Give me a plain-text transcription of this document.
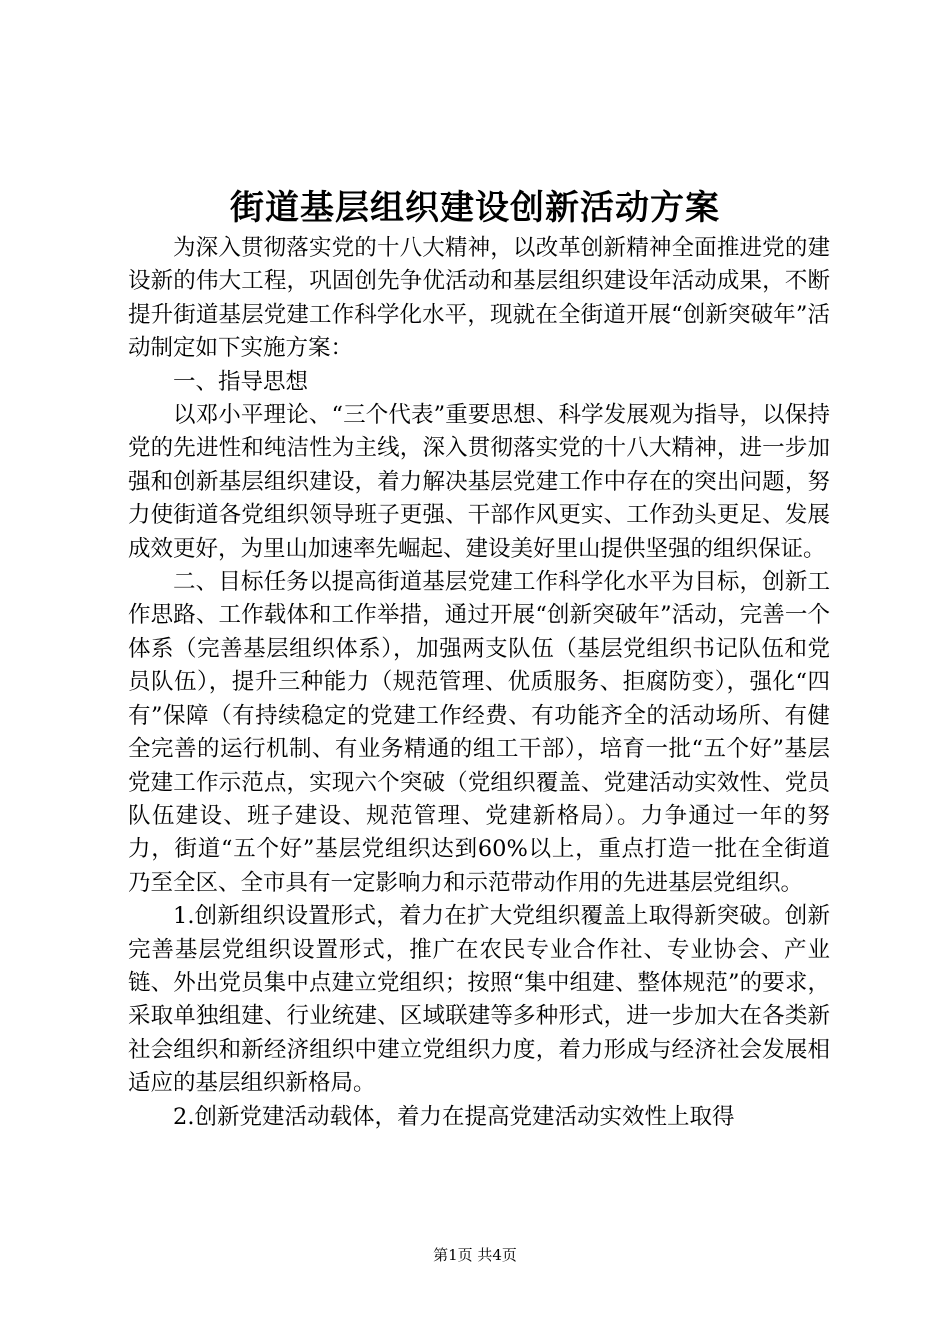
街道基层组织建设创新活动方案

为深入贯彻落实党的十八大精神，以改革创新精神全面推进党的建设新的伟大工程，巩固创先争优活动和基层组织建设年活动成果，不断提升街道基层党建工作科学化水平，现就在全街道开展“创新突破年”活动制定如下实施方案：

一、指导思想

以邓小平理论、“三个代表”重要思想、科学发展观为指导，以保持党的先进性和纯洁性为主线，深入贯彻落实党的十八大精神，进一步加强和创新基层组织建设，着力解决基层党建工作中存在的突出问题，努力使街道各党组织领导班子更强、干部作风更实、工作劲头更足、发展成效更好，为里山加速率先崛起、建设美好里山提供坚强的组织保证。

二、目标任务以提高街道基层党建工作科学化水平为目标，创新工作思路、工作载体和工作举措，通过开展“创新突破年”活动，完善一个体系（完善基层组织体系），加强两支队伍（基层党组织书记队伍和党员队伍），提升三种能力（规范管理、优质服务、拒腐防变），强化“四有”保障（有持续稳定的党建工作经费、有功能齐全的活动场所、有健全完善的运行机制、有业务精通的组工干部），培育一批“五个好”基层党建工作示范点，实现六个突破（党组织覆盖、党建活动实效性、党员队伍建设、班子建设、规范管理、党建新格局）。力争通过一年的努力，街道“五个好”基层党组织达到60%以上，重点打造一批在全街道乃至全区、全市具有一定影响力和示范带动作用的先进基层党组织。

1.创新组织设置形式，着力在扩大党组织覆盖上取得新突破。创新完善基层党组织设置形式，推广在农民专业合作社、专业协会、产业链、外出党员集中点建立党组织；按照“集中组建、整体规范”的要求，采取单独组建、行业统建、区域联建等多种形式，进一步加大在各类新社会组织和新经济组织中建立党组织力度，着力形成与经济社会发展相适应的基层组织新格局。

2.创新党建活动载体，着力在提高党建活动实效性上取得

第1页 共4页
